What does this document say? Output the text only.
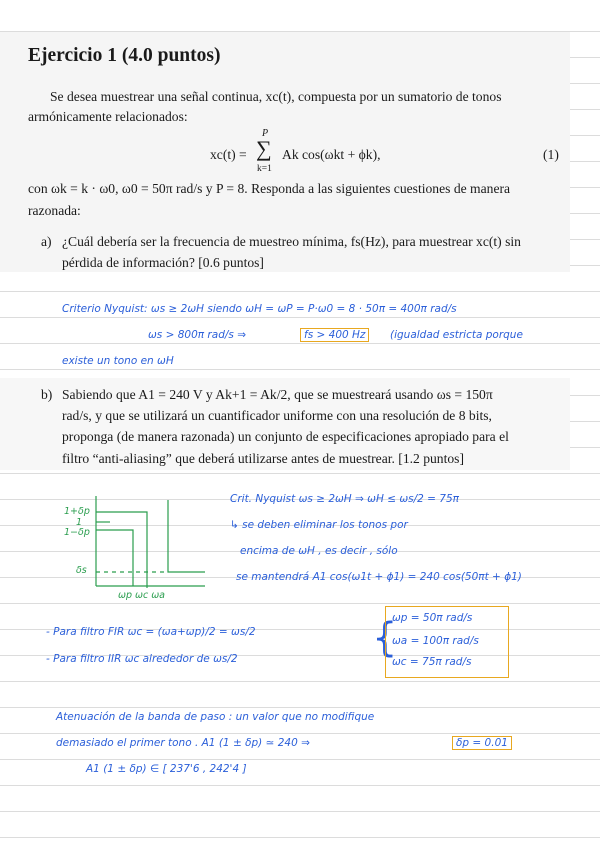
Ejercicio 1 (4.0 puntos)
Se desea muestrear una señal continua, xc(t), compuesta por un sumatorio de tonos
armónicamente relacionados:
xc(t) =
P
∑
k=1
Ak cos(ωkt + ϕk),	(1)
con ωk = k · ω0, ω0 = 50π rad/s y P = 8. Responda a las siguientes cuestiones de manera
razonada:
a) ¿Cuál debería ser la frecuencia de muestreo mínima, fs(Hz), para muestrear xc(t) sin
pérdida de información? [0.6 puntos]
b) Sabiendo que A1 = 240 V y Ak+1 = Ak/2, que se muestreará usando ωs = 150π
rad/s, y que se utilizará un cuantificador uniforme con una resolución de 8 bits,
proponga (de manera razonada) un conjunto de especificaciones apropiado para el
filtro “anti-aliasing” que deberá utilizarse antes de muestrear. [1.2 puntos]
Criterio Nyquist: ωs ≥ 2ωH siendo ωH = ωP = P·ω0 = 8 · 50π = 400π rad/s
ωs > 800π rad/s ⇒	fs > 400 Hz	(igualdad estricta porque
existe un tono en ωH
1+δp
1
1−δp
δs
ωp ωc ωa
Crit. Nyquist ωs ≥ 2ωH ⇒ ωH ≤ ωs/2 = 75π
↳ se deben eliminar los tonos por
encima de ωH , es decir , sólo
se mantendrá A1 cos(ω1t + ϕ1) = 240 cos(50πt + ϕ1)
- Para filtro FIR ωc = (ωa+ωp)/2 = ωs/2
- Para filtro IIR ωc alrededor de ωs/2	{
ωp = 50π rad/s
ωa = 100π rad/s
ωc = 75π rad/s
Atenuación de la banda de paso : un valor que no modifique
demasiado el primer tono . A1 (1 ± δp) ≃ 240 ⇒	δp = 0.01
A1 (1 ± δp) ∈ [ 237'6 , 242'4 ]
